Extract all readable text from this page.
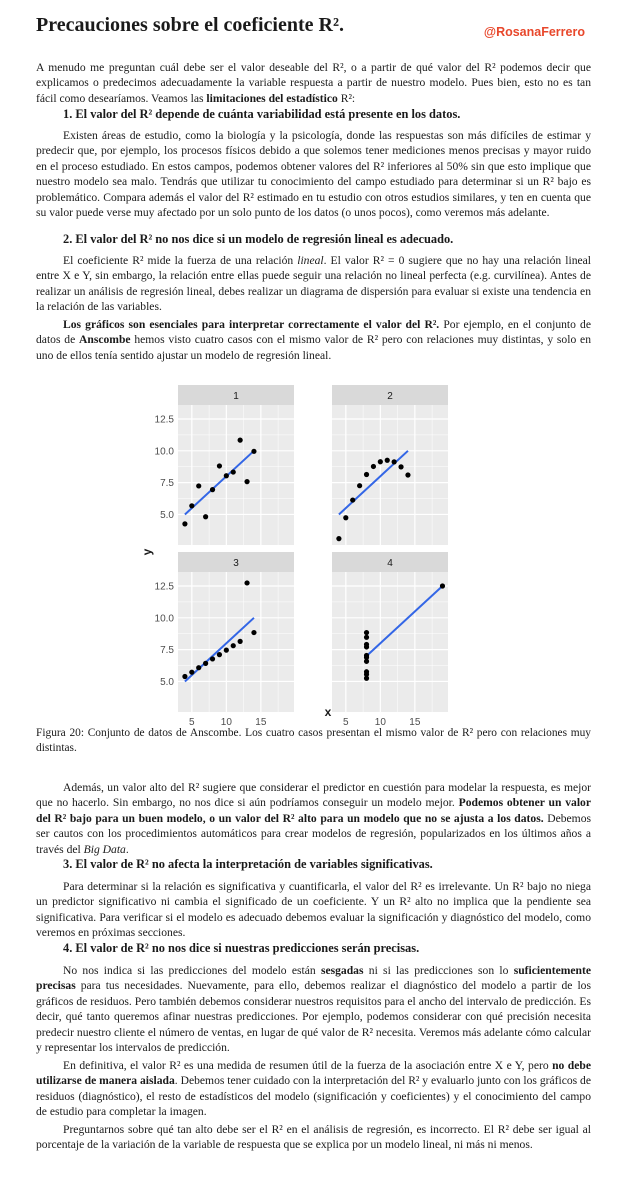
Precauciones sobre el coeficiente R².

A menudo me preguntan cuál debe ser el valor deseable del R², o a partir de qué valor del R² podemos decir que explicamos o predecimos adecuadamente la variable respuesta a partir de nuestro modelo. Pues bien, esto no es tan fácil como desearíamos. Veamos las limitaciones del estadístico R²:

1. El valor del R² depende de cuánta variabilidad está presente en los datos.

Existen áreas de estudio, como la biología y la psicología, donde las respuestas son más difíciles de estimar y predecir que, por ejemplo, los procesos físicos debido a que solemos tener mediciones menos precisas y mayor ruido en el proceso estudiado. En estos campos, podemos obtener valores del R² inferiores al 50% sin que esto implique que nuestro modelo sea malo. Tendrás que utilizar tu conocimiento del campo estudiado para determinar si un R² bajo es problemático. Compara además el valor del R² estimado en tu estudio con otros estudios similares, y ten en cuenta que su valor puede verse muy afectado por un solo punto de los datos (o unos pocos), como veremos más adelante.

2. El valor del R² no nos dice si un modelo de regresión lineal es adecuado.

El coeficiente R² mide la fuerza de una relación lineal. El valor R² = 0 sugiere que no hay una relación lineal entre X e Y, sin embargo, la relación entre ellas puede seguir una relación no lineal perfecta (e.g. curvilínea). Antes de realizar un análisis de regresión lineal, debes realizar un diagrama de dispersión para evaluar si existe una tendencia en la relación de las variables.

Los gráficos son esenciales para interpretar correctamente el valor del R². Por ejemplo, en el conjunto de datos de Anscombe hemos visto cuatro casos con el mismo valor de R² pero con relaciones muy distintas, y solo en uno de ellos tenía sentido ajustar un modelo de regresión lineal.

@RosanaFerrero
1
5.0
7.5
10.0
12.5
2
3
5.0
7.5
10.0
12.5
5	10 15
4
5	10 15
y
x

Figura 20: Conjunto de datos de Anscombe. Los cuatro casos presentan el mismo valor de R² pero con relaciones muy distintas.

Además, un valor alto del R² sugiere que considerar el predictor en cuestión para modelar la respuesta, es mejor que no hacerlo. Sin embargo, no nos dice si aún podríamos conseguir un modelo mejor. Podemos obtener un valor del R² bajo para un buen modelo, o un valor del R² alto para un modelo que no se ajusta a los datos. Debemos ser cautos con los procedimientos automáticos para crear modelos de regresión, popularizados en los últimos años a través del Big Data.

3. El valor de R² no afecta la interpretación de variables significativas.

Para determinar si la relación es significativa y cuantificarla, el valor del R² es irrelevante. Un R² bajo no niega un predictor significativo ni cambia el significado de un coeficiente. Y un R² alto no implica que la pendiente sea significativa. Para verificar si el modelo es adecuado debemos evaluar la significación y diagnóstico del modelo, como veremos en próximas secciones.

4. El valor de R² no nos dice si nuestras predicciones serán precisas.

No nos indica si las predicciones del modelo están sesgadas ni si las predicciones son lo suficientemente precisas para tus necesidades. Nuevamente, para ello, debemos realizar el diagnóstico del modelo a partir de los gráficos de residuos. Pero también debemos considerar nuestros requisitos para el ancho del intervalo de predicción. Es decir, qué tanto queremos afinar nuestras predicciones. Por ejemplo, podemos considerar con qué precisión necesita predecir nuestro cliente el número de ventas, en lugar de qué valor de R² necesita. Veremos más adelante cómo calcular y representar los intervalos de predicción.

En definitiva, el valor R² es una medida de resumen útil de la fuerza de la asociación entre X e Y, pero no debe utilizarse de manera aislada. Debemos tener cuidado con la interpretación del R² y evaluarlo junto con los gráficos de residuos (diagnóstico), el resto de estadísticos del modelo (significación y coeficientes) y el conocimiento del campo de estudio para completar la imagen.

Preguntarnos sobre qué tan alto debe ser el R² en el análisis de regresión, es incorrecto. El R² debe ser igual al porcentaje de la variación de la variable de respuesta que se explica por un modelo lineal, ni más ni menos.
